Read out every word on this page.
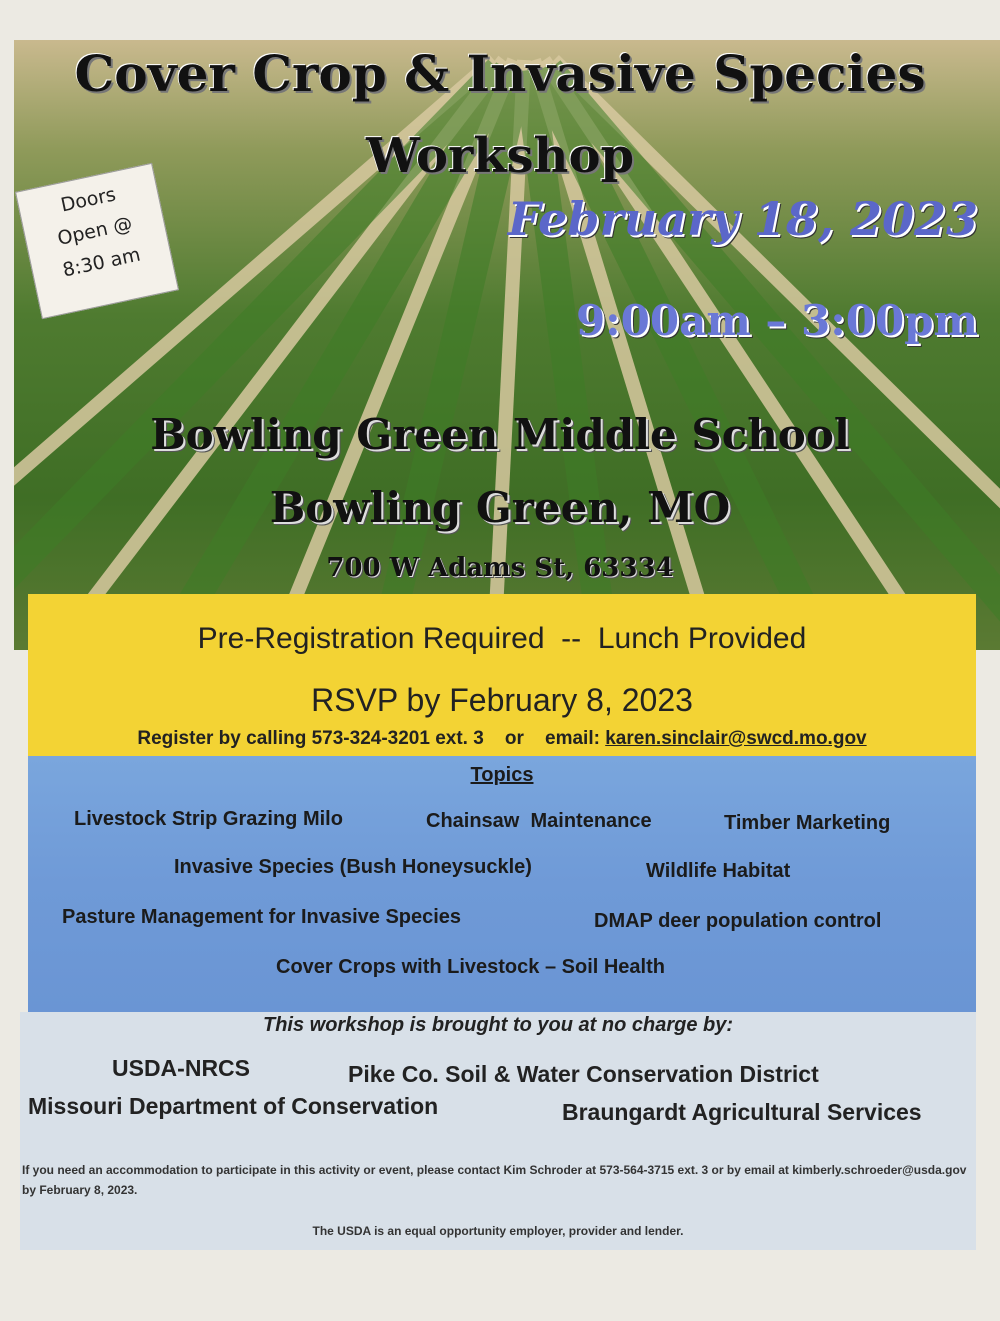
Cover Crop & Invasive Species
Workshop
Doors
Open @
8:30 am
February 18, 2023
9:00am – 3:00pm
Bowling Green Middle School
Bowling Green, MO
700 W Adams St, 63334
Pre-Registration Required  --  Lunch Provided
RSVP by February 8, 2023
Register by calling 573-324-3201 ext. 3    or    email: karen.sinclair@swcd.mo.gov
Topics
Livestock Strip Grazing Milo	Chainsaw  Maintenance	Timber Marketing
Invasive Species (Bush Honeysuckle)	Wildlife Habitat
Pasture Management for Invasive Species	DMAP deer population control
Cover Crops with Livestock – Soil Health
This workshop is brought to you at no charge by:
USDA-NRCS	Pike Co. Soil & Water Conservation District
Missouri Department of Conservation	Braungardt Agricultural Services
If you need an accommodation to participate in this activity or event, please contact Kim Schroder at 573-564-3715 ext. 3 or by email at kimberly.schroeder@usda.gov by February 8, 2023.
The USDA is an equal opportunity employer, provider and lender.
